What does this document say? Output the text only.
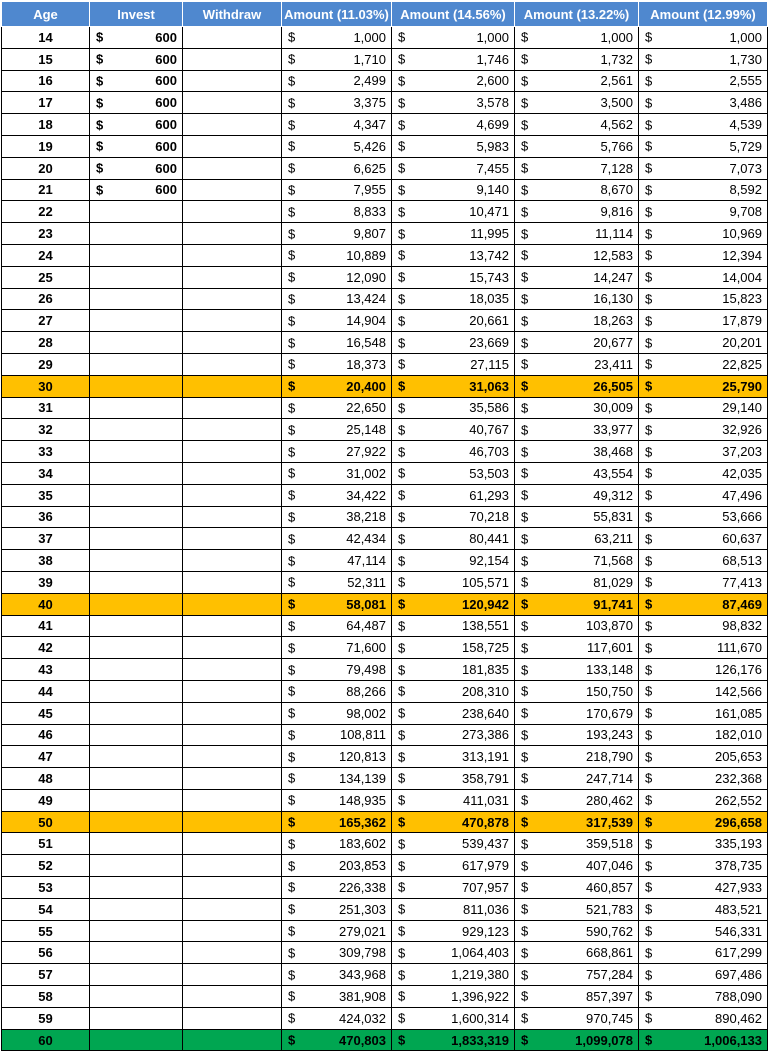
Age	Invest	Withdraw	Amount (11.03%)	Amount (14.56%)	Amount (13.22%)	Amount (12.99%)
14	$ 600		$ 1,000	$ 1,000	$ 1,000	$ 1,000

15	$ 600		$ 1,710	$ 1,746	$ 1,732	$ 1,730

16	$ 600		$ 2,499	$ 2,600	$ 2,561	$ 2,555

17	$ 600		$ 3,375	$ 3,578	$ 3,500	$ 3,486

18	$ 600		$ 4,347	$ 4,699	$ 4,562	$ 4,539

19	$ 600		$ 5,426	$ 5,983	$ 5,766	$ 5,729

20	$ 600		$ 6,625	$ 7,455	$ 7,128	$ 7,073

21	$ 600		$ 7,955	$ 9,140	$ 8,670	$ 8,592

22			$ 8,833	$ 10,471	$ 9,816	$ 9,708

23			$ 9,807	$ 11,995	$ 11,114	$ 10,969

24			$ 10,889	$ 13,742	$ 12,583	$ 12,394

25			$ 12,090	$ 15,743	$ 14,247	$ 14,004

26			$ 13,424	$ 18,035	$ 16,130	$ 15,823

27			$ 14,904	$ 20,661	$ 18,263	$ 17,879

28			$ 16,548	$ 23,669	$ 20,677	$ 20,201

29			$ 18,373	$ 27,115	$ 23,411	$ 22,825

30			$ 20,400	$ 31,063	$ 26,505	$ 25,790

31			$ 22,650	$ 35,586	$ 30,009	$ 29,140

32			$ 25,148	$ 40,767	$ 33,977	$ 32,926

33			$ 27,922	$ 46,703	$ 38,468	$ 37,203

34			$ 31,002	$ 53,503	$ 43,554	$ 42,035

35			$ 34,422	$ 61,293	$ 49,312	$ 47,496

36			$ 38,218	$ 70,218	$ 55,831	$ 53,666

37			$ 42,434	$ 80,441	$ 63,211	$ 60,637

38			$ 47,114	$ 92,154	$ 71,568	$ 68,513

39			$ 52,311	$ 105,571	$ 81,029	$ 77,413

40			$ 58,081	$ 120,942	$ 91,741	$ 87,469

41			$ 64,487	$ 138,551	$ 103,870	$ 98,832

42			$ 71,600	$ 158,725	$ 117,601	$ 111,670

43			$ 79,498	$ 181,835	$ 133,148	$ 126,176

44			$ 88,266	$ 208,310	$ 150,750	$ 142,566

45			$ 98,002	$ 238,640	$ 170,679	$ 161,085

46			$ 108,811	$ 273,386	$ 193,243	$ 182,010

47			$ 120,813	$ 313,191	$ 218,790	$ 205,653

48			$ 134,139	$ 358,791	$ 247,714	$ 232,368

49			$ 148,935	$ 411,031	$ 280,462	$ 262,552

50			$ 165,362	$ 470,878	$ 317,539	$ 296,658

51			$ 183,602	$ 539,437	$ 359,518	$ 335,193

52			$ 203,853	$ 617,979	$ 407,046	$ 378,735

53			$ 226,338	$ 707,957	$ 460,857	$ 427,933

54			$ 251,303	$ 811,036	$ 521,783	$ 483,521

55			$ 279,021	$ 929,123	$ 590,762	$ 546,331

56			$ 309,798	$ 1,064,403	$ 668,861	$ 617,299

57			$ 343,968	$ 1,219,380	$ 757,284	$ 697,486

58			$ 381,908	$ 1,396,922	$ 857,397	$ 788,090

59			$ 424,032	$ 1,600,314	$ 970,745	$ 890,462

60			$ 470,803	$ 1,833,319	$ 1,099,078	$ 1,006,133
